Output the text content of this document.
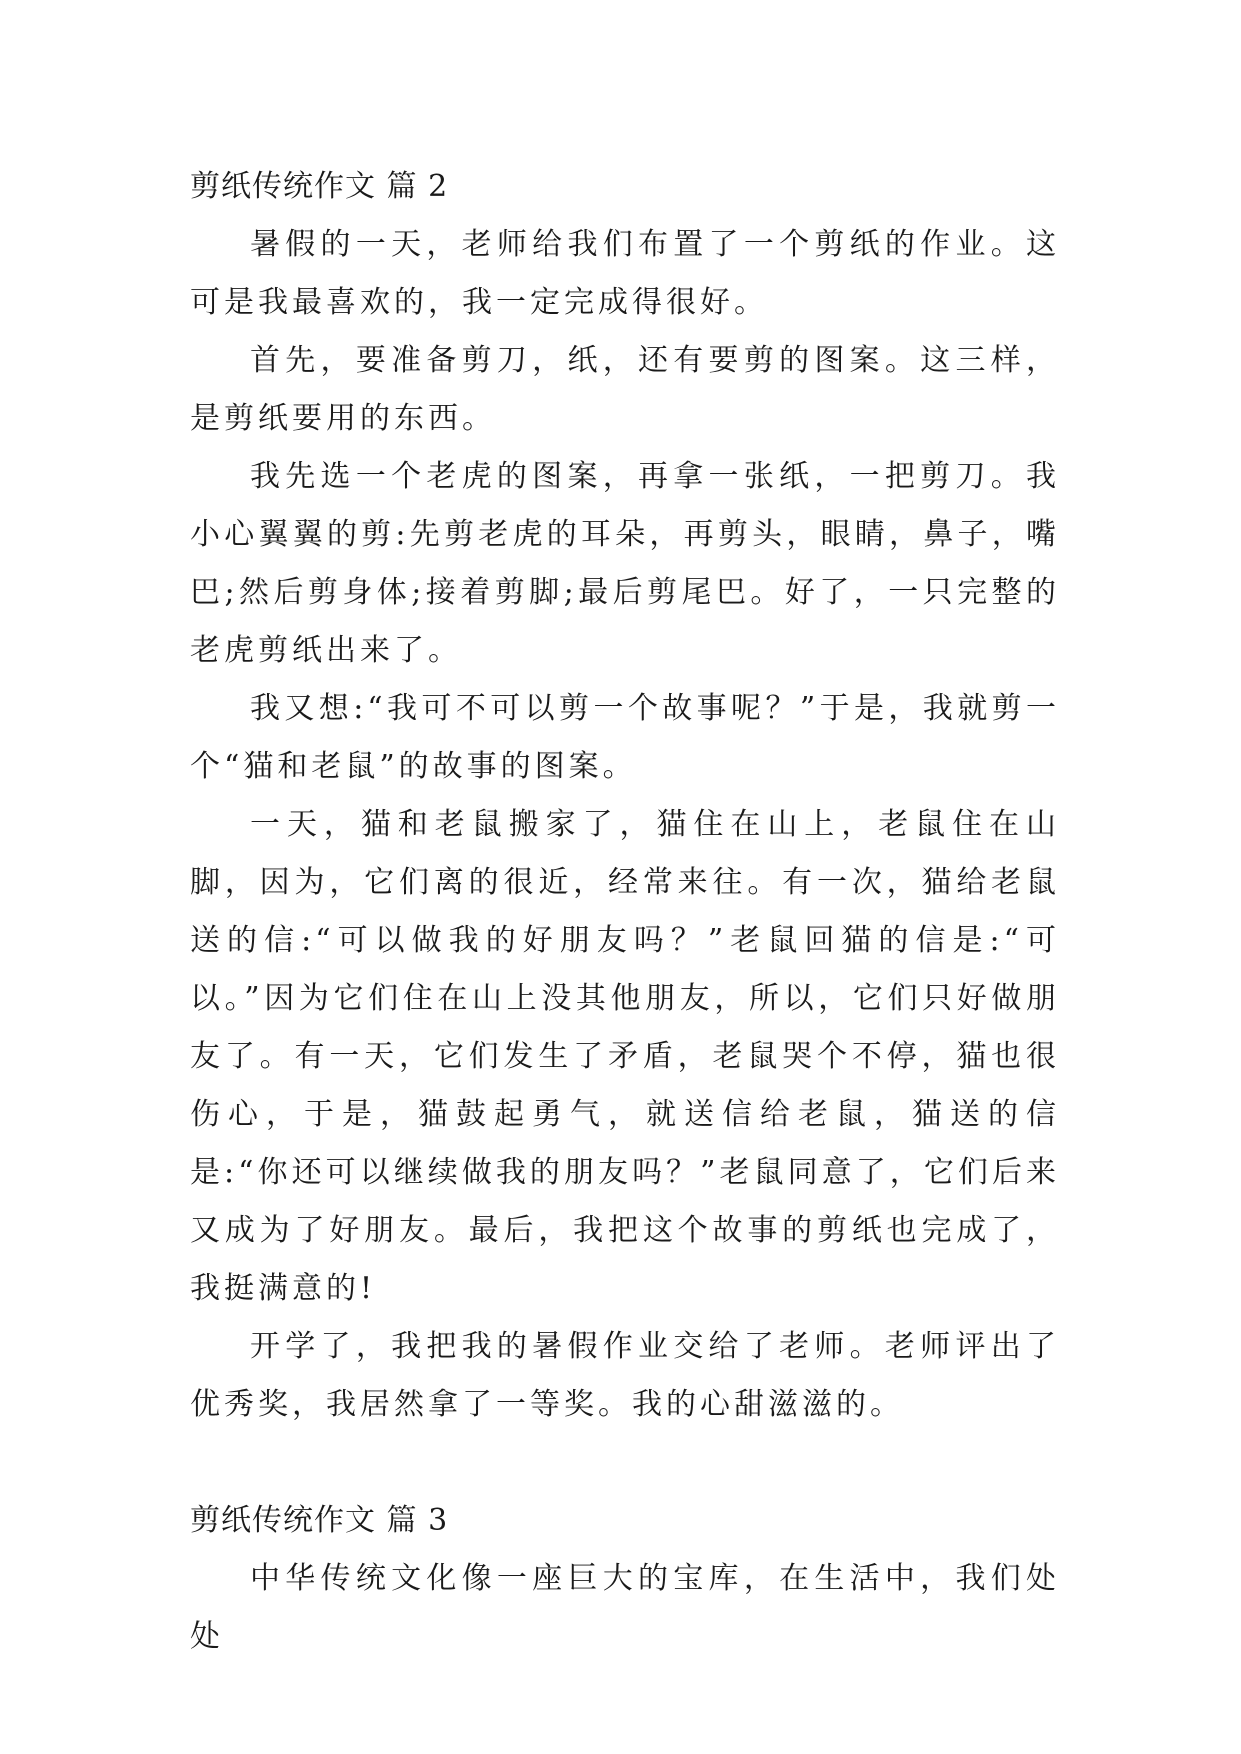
剪纸传统作文 篇 2

暑假的一天，老师给我们布置了一个剪纸的作业。这可是我最喜欢的，我一定完成得很好。

首先，要准备剪刀，纸，还有要剪的图案。这三样，是剪纸要用的东西。

我先选一个老虎的图案，再拿一张纸，一把剪刀。我小心翼翼的剪:先剪老虎的耳朵，再剪头，眼睛，鼻子，嘴巴;然后剪身体;接着剪脚;最后剪尾巴。好了，一只完整的老虎剪纸出来了。

我又想:“我可不可以剪一个故事呢？”于是，我就剪一个“猫和老鼠”的故事的图案。

一天，猫和老鼠搬家了，猫住在山上，老鼠住在山脚，因为，它们离的很近，经常来往。有一次，猫给老鼠送的信:“可以做我的好朋友吗？”老鼠回猫的信是:“可以。”因为它们住在山上没其他朋友，所以，它们只好做朋友了。有一天，它们发生了矛盾，老鼠哭个不停，猫也很伤心，于是，猫鼓起勇气，就送信给老鼠，猫送的信是:“你还可以继续做我的朋友吗？”老鼠同意了，它们后来又成为了好朋友。最后，我把这个故事的剪纸也完成了，我挺满意的!

开学了，我把我的暑假作业交给了老师。老师评出了优秀奖，我居然拿了一等奖。我的心甜滋滋的。

剪纸传统作文 篇 3

中华传统文化像一座巨大的宝库，在生活中，我们处处
